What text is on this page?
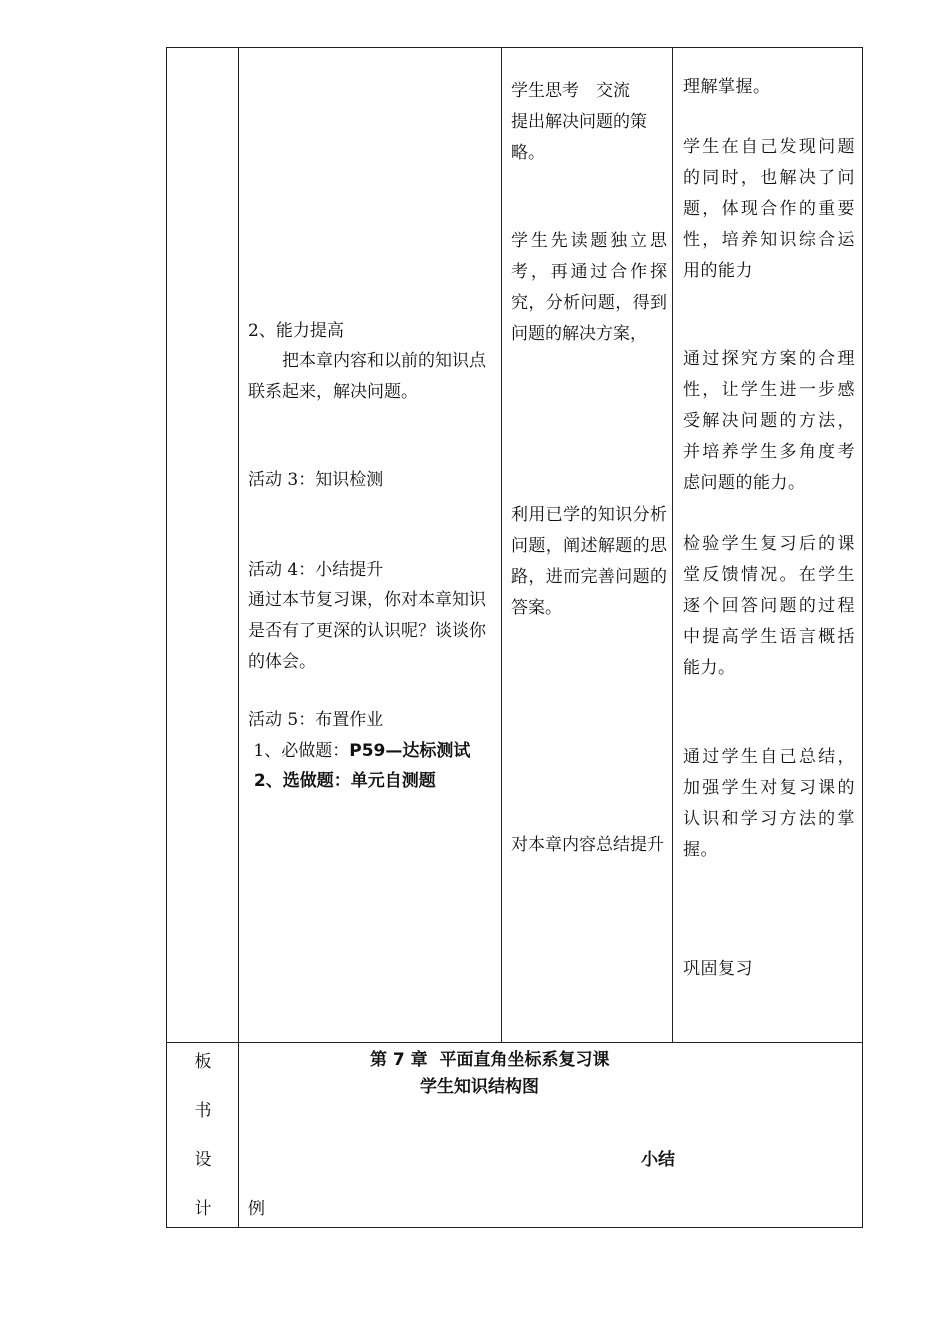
2、能力提高

　　把本章内容和以前的知识点联系起来，解决问题。

活动 3：知识检测

活动 4：小结提升

通过本节复习课，你对本章知识是否有了更深的认识呢？谈谈你的体会。

活动 5：布置作业

1、必做题：P59—达标测试

2、选做题：单元自测题

学生思考　交流
提出解决问题的策略。

学生先读题独立思考，再通过合作探究，分析问题，得到问题的解决方案，

利用已学的知识分析问题，阐述解题的思路，进而完善问题的答案。

对本章内容总结提升

理解掌握。

学生在自己发现问题的同时，也解决了问题，体现合作的重要性，培养知识综合运用的能力

通过探究方案的合理性，让学生进一步感受解决问题的方法，并培养学生多角度考虑问题的能力。

检验学生复习后的课堂反馈情况。在学生逐个回答问题的过程中提高学生语言概括能力。

通过学生自己总结，加强学生对复习课的认识和学习方法的掌握。

巩固复习

板
书
设
计

第 7 章  平面直角坐标系复习课

学生知识结构图

小结

例
